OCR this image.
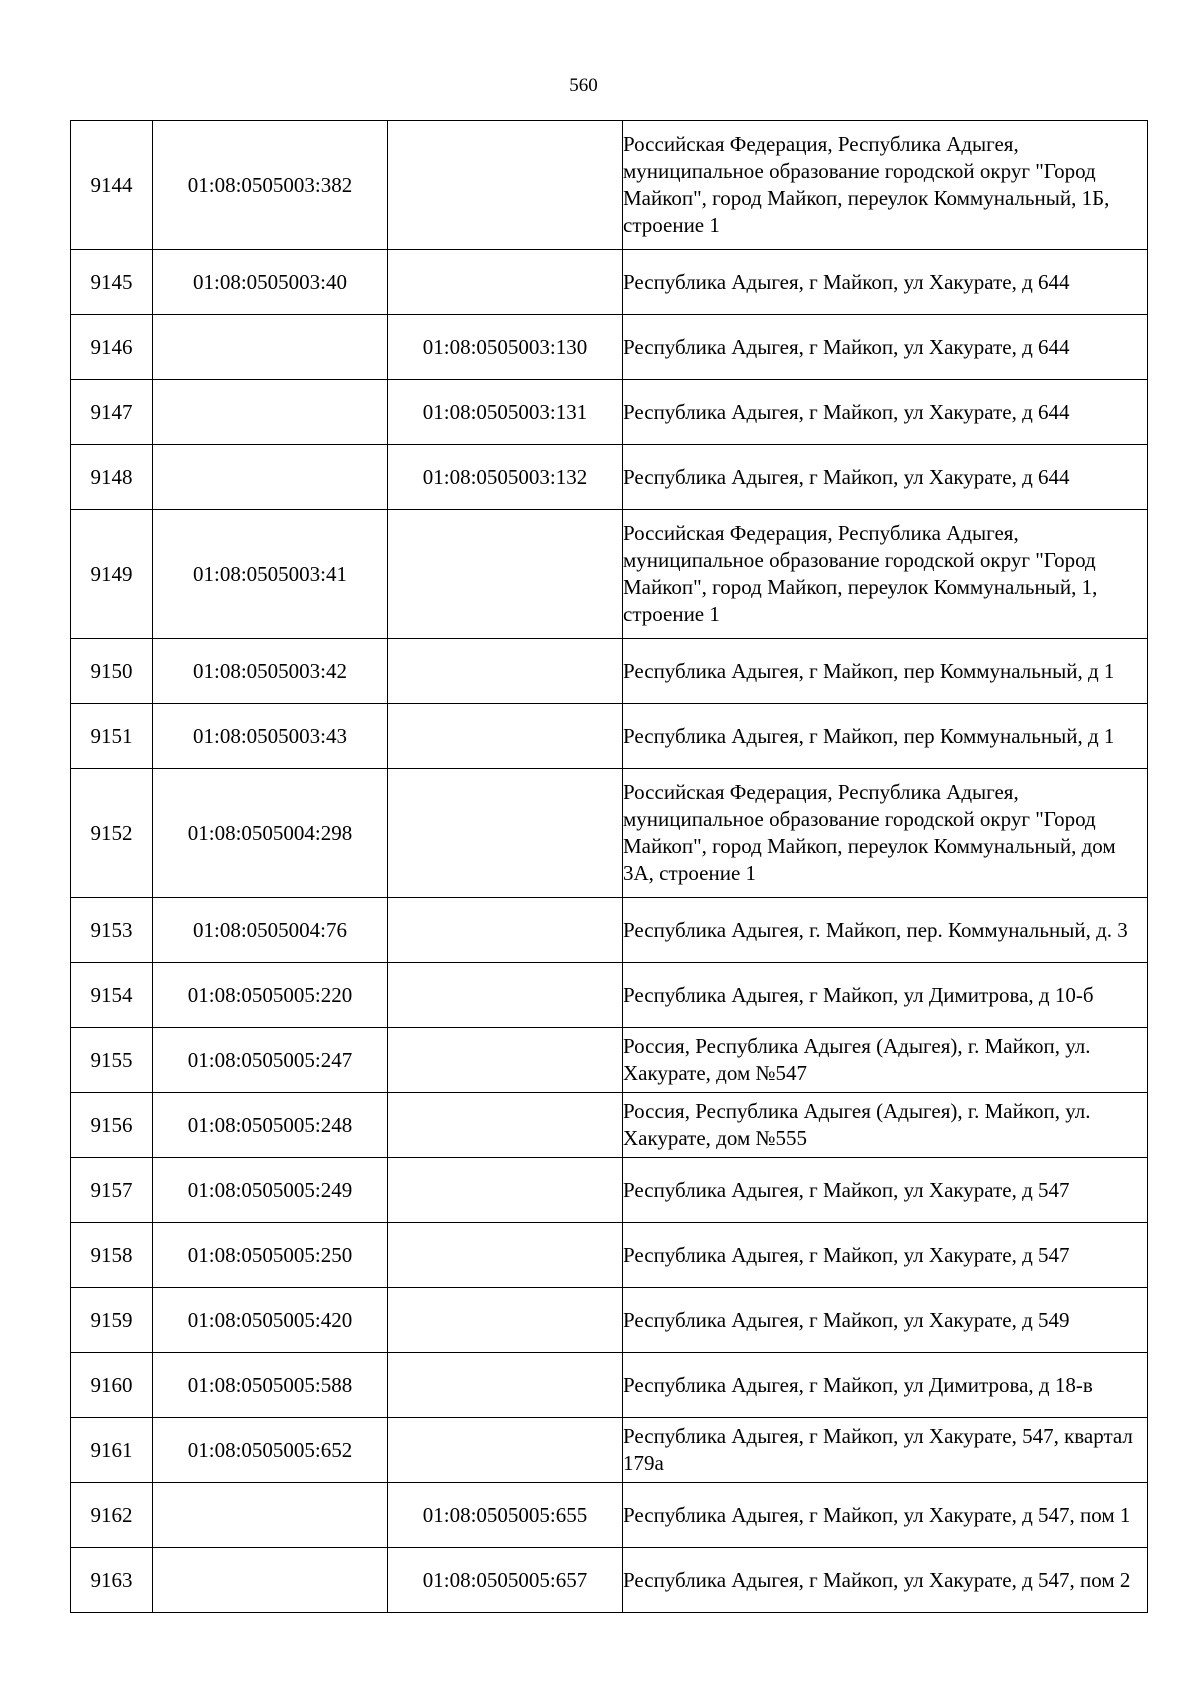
560
9144	01:08:0505003:382		Российская Федерация, Республика Адыгея, муниципальное образование городской округ "Город Майкоп", город Майкоп, переулок Коммунальный, 1Б, строение 1
9145	01:08:0505003:40		Республика Адыгея, г Майкоп, ул Хакурате, д 644
9146		01:08:0505003:130	Республика Адыгея, г Майкоп, ул Хакурате, д 644
9147		01:08:0505003:131	Республика Адыгея, г Майкоп, ул Хакурате, д 644
9148		01:08:0505003:132	Республика Адыгея, г Майкоп, ул Хакурате, д 644
9149	01:08:0505003:41		Российская Федерация, Республика Адыгея, муниципальное образование городской округ "Город Майкоп", город Майкоп, переулок Коммунальный, 1, строение 1
9150	01:08:0505003:42		Республика Адыгея, г Майкоп, пер Коммунальный, д 1
9151	01:08:0505003:43		Республика Адыгея, г Майкоп, пер Коммунальный, д 1
9152	01:08:0505004:298		Российская Федерация, Республика Адыгея, муниципальное образование городской округ "Город Майкоп", город Майкоп, переулок Коммунальный, дом 3А, строение 1
9153	01:08:0505004:76		Республика Адыгея, г. Майкоп, пер. Коммунальный, д. 3
9154	01:08:0505005:220		Республика Адыгея, г Майкоп, ул Димитрова, д 10-б
9155	01:08:0505005:247		Россия, Республика Адыгея (Адыгея), г. Майкоп, ул. Хакурате, дом №547
9156	01:08:0505005:248		Россия, Республика Адыгея (Адыгея), г. Майкоп, ул. Хакурате, дом №555
9157	01:08:0505005:249		Республика Адыгея, г Майкоп, ул Хакурате, д 547
9158	01:08:0505005:250		Республика Адыгея, г Майкоп, ул Хакурате, д 547
9159	01:08:0505005:420		Республика Адыгея, г Майкоп, ул Хакурате, д 549
9160	01:08:0505005:588		Республика Адыгея, г Майкоп, ул Димитрова, д 18-в
9161	01:08:0505005:652		Республика Адыгея, г Майкоп, ул Хакурате, 547, квартал 179а
9162		01:08:0505005:655	Республика Адыгея, г Майкоп, ул Хакурате, д 547, пом 1
9163		01:08:0505005:657	Республика Адыгея, г Майкоп, ул Хакурате, д 547, пом 2
